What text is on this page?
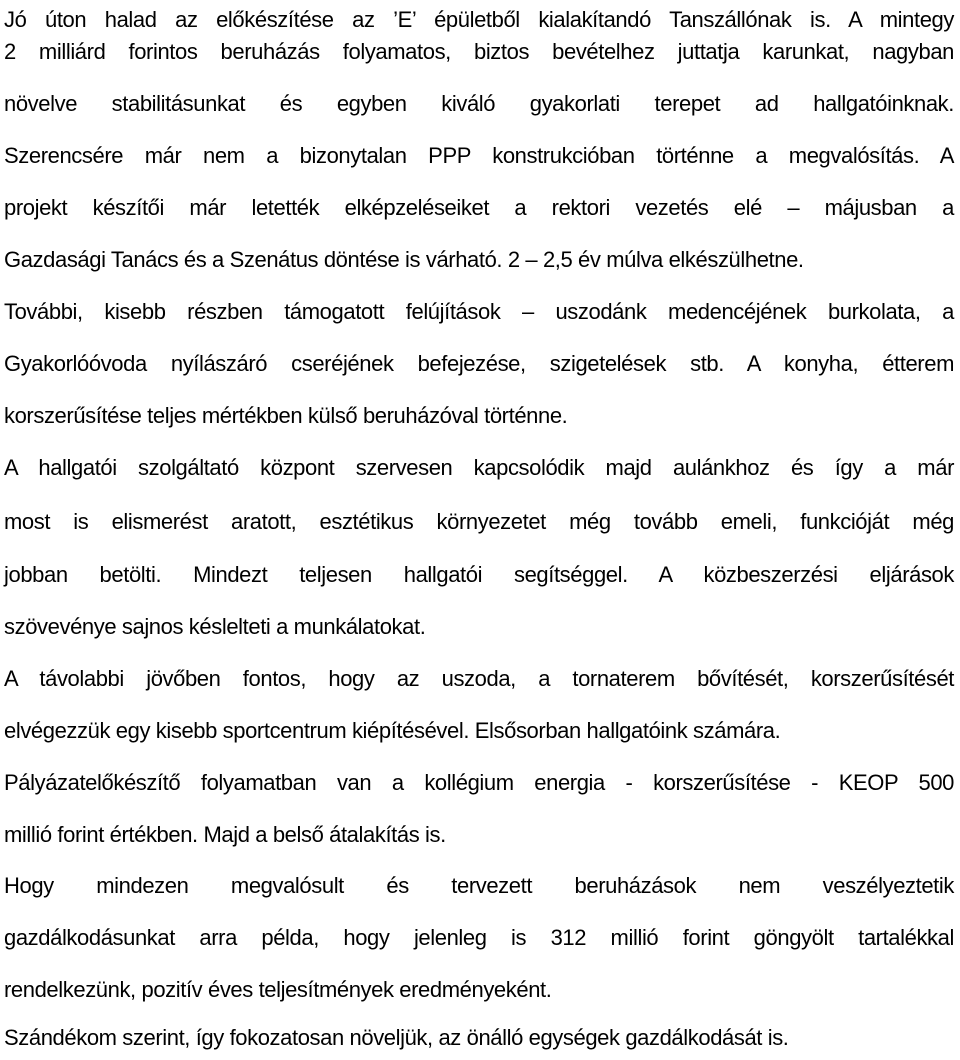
Jó úton halad az előkészítése az ’E’ épületből kialakítandó Tanszállónak is. A mintegy
2 milliárd forintos beruházás folyamatos, biztos bevételhez juttatja karunkat, nagyban
növelve stabilitásunkat és egyben kiváló gyakorlati terepet ad hallgatóinknak.
Szerencsére már nem a bizonytalan PPP konstrukcióban történne a megvalósítás. A
projekt készítői már letették elképzeléseiket a rektori vezetés elé – májusban a
Gazdasági Tanács és a Szenátus döntése is várható. 2 – 2,5 év múlva elkészülhetne.
További, kisebb részben támogatott felújítások – uszodánk medencéjének burkolata, a
Gyakorlóóvoda nyílászáró cseréjének befejezése, szigetelések stb. A konyha, étterem
korszerűsítése teljes mértékben külső beruházóval történne.
A hallgatói szolgáltató központ szervesen kapcsolódik majd aulánkhoz és így a már
most is elismerést aratott, esztétikus környezetet még tovább emeli, funkcióját még
jobban betölti. Mindezt teljesen hallgatói segítséggel. A közbeszerzési eljárások
szövevénye sajnos késlelteti a munkálatokat.
A távolabbi jövőben fontos, hogy az uszoda, a tornaterem bővítését, korszerűsítését
elvégezzük egy kisebb sportcentrum kiépítésével. Elsősorban hallgatóink számára.
Pályázatelőkészítő folyamatban van a kollégium energia - korszerűsítése - KEOP 500
millió forint értékben. Majd a belső átalakítás is.
Hogy mindezen megvalósult és tervezett beruházások nem veszélyeztetik
gazdálkodásunkat arra példa, hogy jelenleg is 312 millió forint göngyölt tartalékkal
rendelkezünk, pozitív éves teljesítmények eredményeként.
Szándékom szerint, így fokozatosan növeljük, az önálló egységek gazdálkodását is.
